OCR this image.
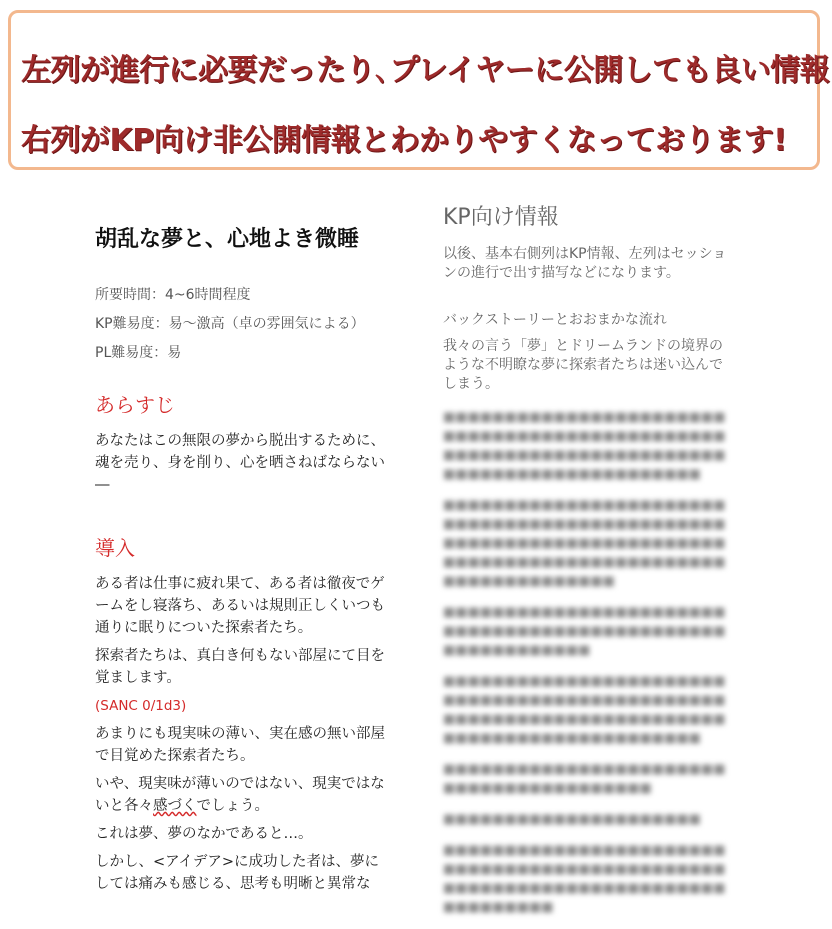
左列が進行に必要だったり､プレイヤーに公開しても良い情報
右列がKP向け非公開情報とわかりやすくなっております!
胡乱な夢と、心地よき微睡
所要時間：4~6時間程度
KP難易度：易～激高（卓の雰囲気による）
PL難易度：易
あらすじ
あなたはこの無限の夢から脱出するために、魂を売り、身を削り、心を晒さねばならない―
導入
ある者は仕事に疲れ果て、ある者は徹夜でゲームをし寝落ち、あるいは規則正しくいつも通りに眠りについた探索者たち。
探索者たちは、真白き何もない部屋にて目を覚まします。
(SANC 0/1d3)
あまりにも現実味の薄い、実在感の無い部屋で目覚めた探索者たち。
いや、現実味が薄いのではない、現実ではないと各々感づくでしょう。
これは夢、夢のなかであると…。
しかし、<アイデア>に成功した者は、夢にしては痛みも感じる、思考も明晰と異常な
KP向け情報
以後、基本右側列はKP情報、左列はセッションの進行で出す描写などになります。
バックストーリーとおおまかな流れ
我々の言う「夢」とドリームランドの境界のような不明瞭な夢に探索者たちは迷い込んでしまう。
■■■■■■■■■■■■■■■■■■■■■■■■■■■■■■■■■■■■■■■■■■■■■■■■■■■■■■■■■■■■■■■■■■■■■■■■■■■■■■■■■■■■■■■■■■
■■■■■■■■■■■■■■■■■■■■■■■■■■■■■■■■■■■■■■■■■■■■■■■■■■■■■■■■■■■■■■■■■■■■■■■■■■■■■■■■■■■■■■■■■■■■■■■■■■■■■■■■■■
■■■■■■■■■■■■■■■■■■■■■■■■■■■■■■■■■■■■■■■■■■■■■■■■■■■■■■■■■■
■■■■■■■■■■■■■■■■■■■■■■■■■■■■■■■■■■■■■■■■■■■■■■■■■■■■■■■■■■■■■■■■■■■■■■■■■■■■■■■■■■■■■■■■■■
■■■■■■■■■■■■■■■■■■■■■■■■■■■■■■■■■■■■■■■■
■■■■■■■■■■■■■■■■■■■■■
■■■■■■■■■■■■■■■■■■■■■■■■■■■■■■■■■■■■■■■■■■■■■■■■■■■■■■■■■■■■■■■■■■■■■■■■■■■■■■
